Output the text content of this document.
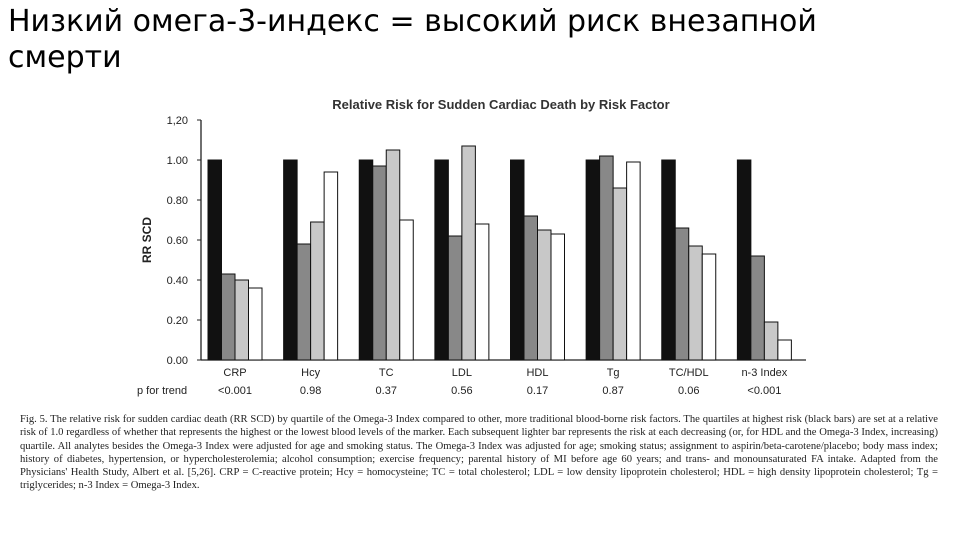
Низкий омега-3-индекс = высокий риск внезапной смерти
Relative Risk for Sudden Cardiac Death by Risk Factor
RR SCD
p for trend
0.00
0.20
0.40
0.60
0.80
1.00
1,20
CRP
<0.001
Hcy
0.98
TC
0.37
LDL
0.56
HDL
0.17
Tg
0.87
TC/HDL
0.06
n-3 Index
<0.001

Fig. 5. The relative risk for sudden cardiac death (RR SCD) by quartile of the Omega-3 Index compared to other, more traditional blood-borne risk factors. The quartiles at highest risk (black bars) are set at a relative risk of 1.0 regardless of whether that represents the highest or the lowest blood levels of the marker. Each subsequent lighter bar represents the risk at each decreasing (or, for HDL and the Omega-3 Index, increasing) quartile. All analytes besides the Omega-3 Index were adjusted for age and smoking status. The Omega-3 Index was adjusted for age; smoking status; assignment to aspirin/beta-carotene/placebo; body mass index; history of diabetes, hypertension, or hypercholesterolemia; alcohol consumption; exercise frequency; parental history of MI before age 60 years; and trans- and monounsaturated FA intake. Adapted from the Physicians' Health Study, Albert et al. [5,26]. CRP = C-reactive protein; Hcy = homocysteine; TC = total cholesterol; LDL = low density lipoprotein cholesterol; HDL = high density lipoprotein cholesterol; Tg = triglycerides; n-3 Index = Omega-3 Index.
